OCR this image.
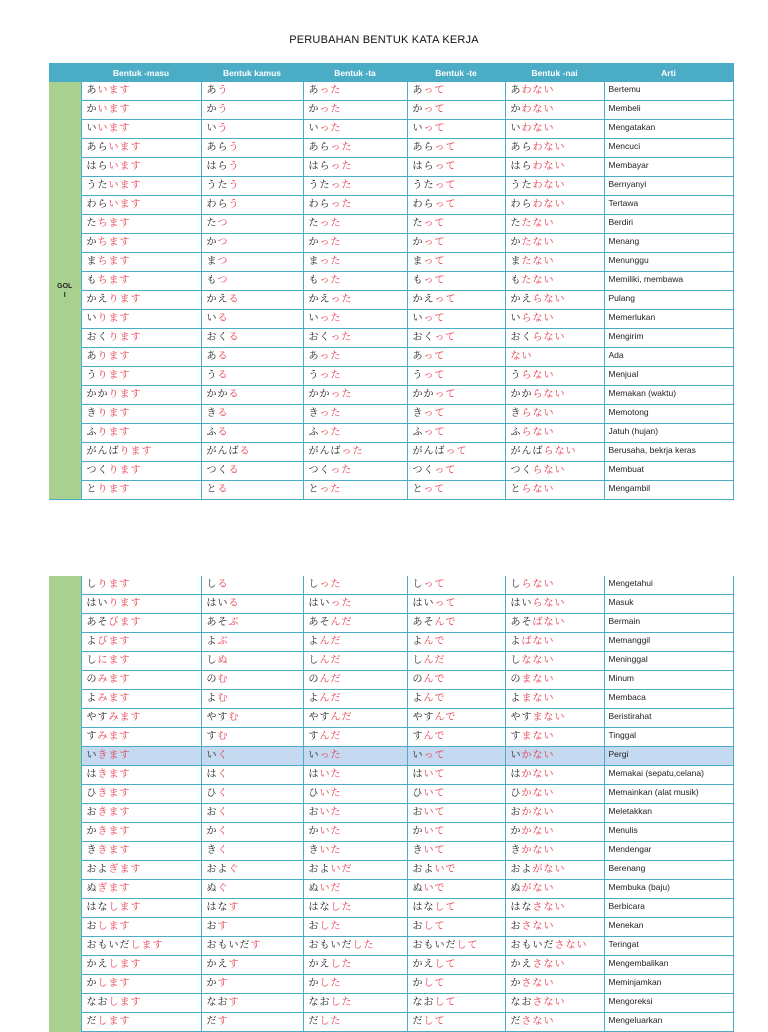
PERUBAHAN BENTUK KATA KERJA
	Bentuk -masu	Bentuk kamus	Bentuk -ta	Bentuk -te	Bentuk -nai	Arti
GOL
I	あいます	あう	あった	あって	あわない	Bertemu
	かいます	かう	かった	かって	かわない	Membeli
	いいます	いう	いった	いって	いわない	Mengatakan
	あらいます	あらう	あらった	あらって	あらわない	Mencuci
	はらいます	はらう	はらった	はらって	はらわない	Membayar
	うたいます	うたう	うたった	うたって	うたわない	Bernyanyi
	わらいます	わらう	わらった	わらって	わらわない	Tertawa
	たちます	たつ	たった	たって	たたない	Berdiri
	かちます	かつ	かった	かって	かたない	Menang
	まちます	まつ	まった	まって	またない	Menunggu
	もちます	もつ	もった	もって	もたない	Memiliki, membawa
	かえります	かえる	かえった	かえって	かえらない	Pulang
	いります	いる	いった	いって	いらない	Memerlukan
	おくります	おくる	おくった	おくって	おくらない	Mengirim
	あります	ある	あった	あって	ない	Ada
	うります	うる	うった	うって	うらない	Menjual
	かかります	かかる	かかった	かかって	かからない	Memakan (waktu)
	きります	きる	きった	きって	きらない	Memotong
	ふります	ふる	ふった	ふって	ふらない	Jatuh (hujan)
	がんばります	がんばる	がんばった	がんばって	がんばらない	Berusaha, bekrja keras
	つくります	つくる	つくった	つくって	つくらない	Membuat
	とります	とる	とった	とって	とらない	Mengambil
	しります	しる	しった	しって	しらない	Mengetahui
	はいります	はいる	はいった	はいって	はいらない	Masuk
	あそびます	あそぶ	あそんだ	あそんで	あそばない	Bermain
	よびます	よぶ	よんだ	よんで	よばない	Memanggil
	しにます	しぬ	しんだ	しんだ	しなない	Meninggal
	のみます	のむ	のんだ	のんで	のまない	Minum
	よみます	よむ	よんだ	よんで	よまない	Membaca
	やすみます	やすむ	やすんだ	やすんで	やすまない	Beristirahat
	すみます	すむ	すんだ	すんで	すまない	Tinggal
	いきます	いく	いった	いって	いかない	Pergi
	はきます	はく	はいた	はいて	はかない	Memakai (sepatu,celana)
	ひきます	ひく	ひいた	ひいて	ひかない	Memainkan (alat musik)
	おきます	おく	おいた	おいて	おかない	Meletakkan
	かきます	かく	かいた	かいて	かかない	Menulis
	ききます	きく	きいた	きいて	きかない	Mendengar
	およぎます	およぐ	およいだ	およいで	およがない	Berenang
	ぬぎます	ぬぐ	ぬいだ	ぬいで	ぬがない	Membuka (baju)
	はなします	はなす	はなした	はなして	はなさない	Berbicara
	おします	おす	おした	おして	おさない	Menekan
	おもいだします	おもいだす	おもいだした	おもいだして	おもいださない	Teringat
	かえします	かえす	かえした	かえして	かえさない	Mengembalikan
	かします	かす	かした	かして	かさない	Meminjamkan
	なおします	なおす	なおした	なおして	なおさない	Mengoreksi
	だします	だす	だした	だして	ださない	Mengeluarkan
